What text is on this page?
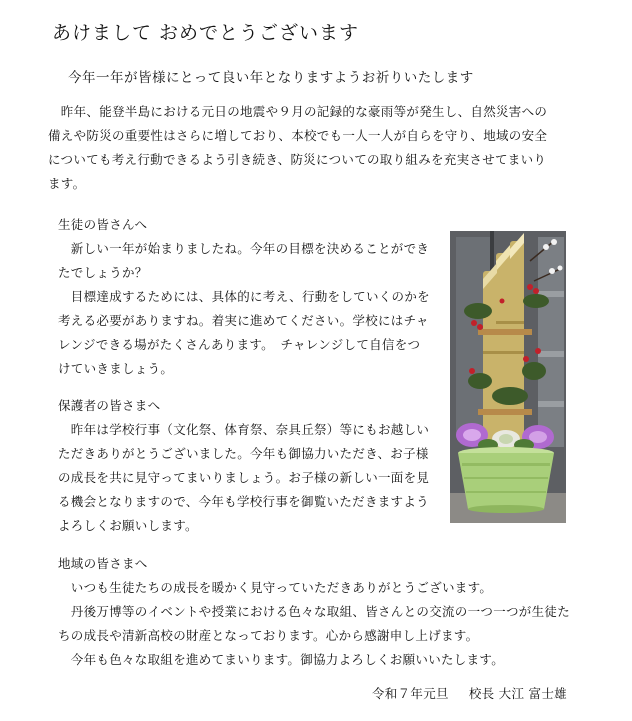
あけまして おめでとうございます
今年一年が皆様にとって良い年となりますようお祈りいたします

　昨年、能登半島における元日の地震や９月の記録的な豪雨等が発生し、自然災害への

備えや防災の重要性はさらに増しており、本校でも一人一人が自らを守り、地域の安全

についても考え行動できるよう引き続き、防災についての取り組みを充実させてまいり

ます。

生徒の皆さんへ

　新しい一年が始まりましたね。今年の目標を決めることができ

たでしょうか？

　目標達成するためには、具体的に考え、行動をしていくのかを

考える必要がありますね。着実に進めてください。学校にはチャ

レンジできる場がたくさんあります。　チャレンジして自信をつ

けていきましょう。

保護者の皆さまへ

　昨年は学校行事（文化祭、体育祭、奈具丘祭）等にもお越しい

ただきありがとうございました。今年も御協力いただき、お子様

の成長を共に見守ってまいりましょう。お子様の新しい一面を見

る機会となりますので、今年も学校行事を御覧いただきますよう

よろしくお願いします。

地域の皆さまへ

　いつも生徒たちの成長を暖かく見守っていただきありがとうございます。

　丹後万博等のイベントや授業における色々な取組、皆さんとの交流の一つ一つが生徒た

ちの成長や清新高校の財産となっております。心から感謝申し上げます。

　今年も色々な取組を進めてまいります。御協力よろしくお願いいたします。

令和７年元旦 校長 大江 富士雄
